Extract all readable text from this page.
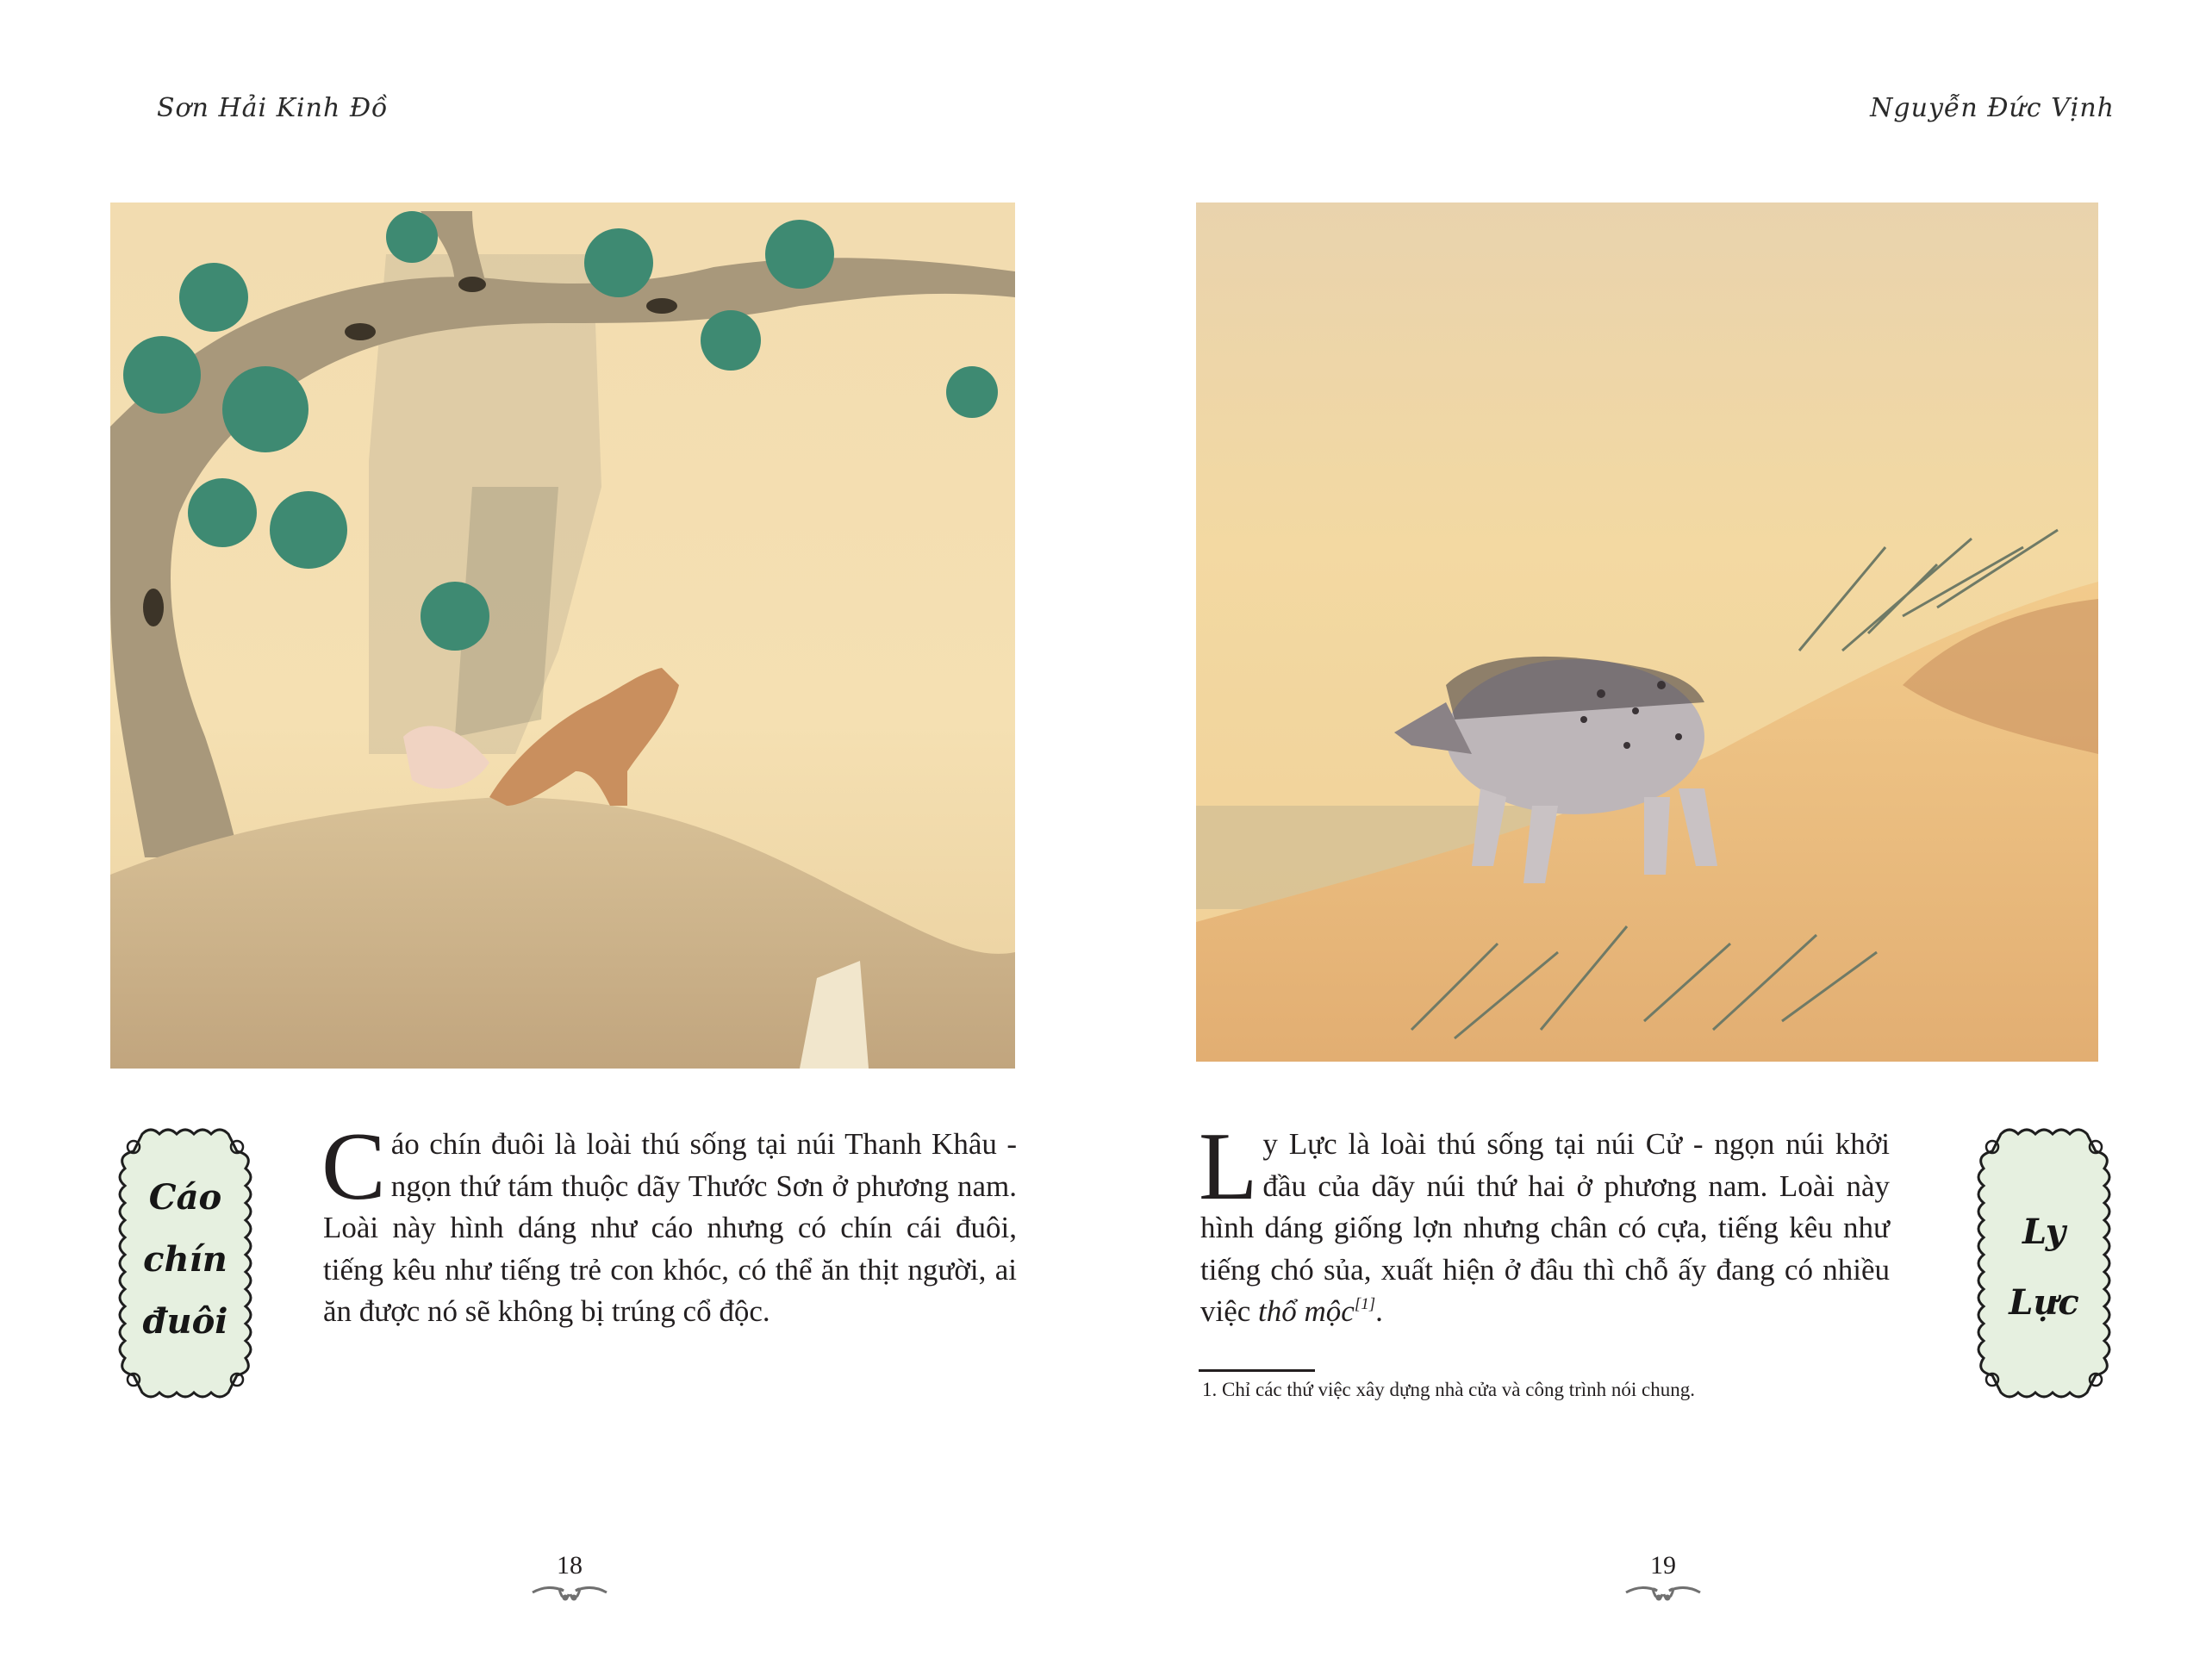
Sơn Hải Kinh Đồ
Cáo
chín
đuôi
Cáo chín đuôi là loài thú sống tại núi Thanh Khâu - ngọn thứ tám thuộc dãy Thước Sơn ở phương nam. Loài này hình dáng như cáo nhưng có chín cái đuôi, tiếng kêu như tiếng trẻ con khóc, có thể ăn thịt người, ai ăn được nó sẽ không bị trúng cổ độc.
18
Nguyễn Đức Vịnh
Ly Lực là loài thú sống tại núi Cử - ngọn núi khởi đầu của dãy núi thứ hai ở phương nam. Loài này hình dáng giống lợn nhưng chân có cựa, tiếng kêu như tiếng chó sủa, xuất hiện ở đâu thì chỗ ấy đang có nhiều việc thổ mộc[1].
1. Chỉ các thứ việc xây dựng nhà cửa và công trình nói chung.
Ly
Lực
19
